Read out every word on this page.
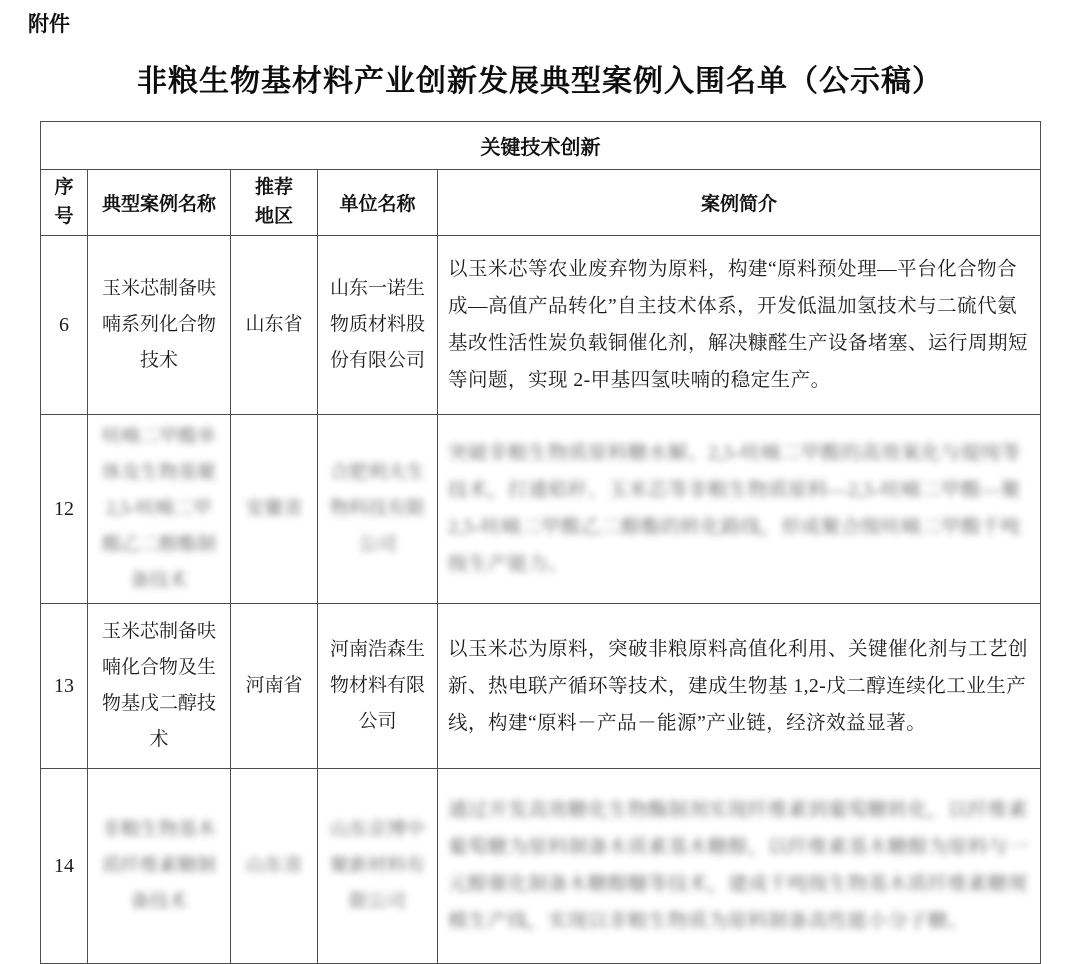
附件
非粮生物基材料产业创新发展典型案例入围名单（公示稿）
关键技术创新				
序号	典型案例名称	推荐地区	单位名称	案例简介
6	玉米芯制备呋喃系列化合物技术	山东省	山东一诺生物质材料股份有限公司	以玉米芯等农业废弃物为原料，构建“原料预处理—平台化合物合成—高值产品转化”自主技术体系，开发低温加氢技术与二硫代氨基改性活性炭负载铜催化剂，解决糠醛生产设备堵塞、运行周期短等问题，实现 2-甲基四氢呋喃的稳定生产。
12	呋喃二甲酸单体及生物基聚2,5-呋喃二甲酸乙二醇酯制备技术	安徽省	合肥利夫生物科技有限公司	突破非粮生物质原料糖水解、2,5-呋喃二甲酸的高效氧化与提纯等技术，打通秸秆、玉米芯等非粮生物质原料—2,5-呋喃二甲酸—聚2,5-呋喃二甲酸乙二醇酯的转化路线，形成聚合级呋喃二甲酸千吨级生产能力。
13	玉米芯制备呋喃化合物及生物基戊二醇技术	河南省	河南浩森生物材料有限公司	以玉米芯为原料，突破非粮原料高值化利用、关键催化剂与工艺创新、热电联产循环等技术，建成生物基 1,2-戊二醇连续化工业生产线，构建“原料－产品－能源”产业链，经济效益显著。
14	非粮生物基木质纤维素糖制备技术	山东省	山东京博中聚新材料有限公司	通过开发高效糖化生物酶制剂实现纤维素到葡萄糖转化，以纤维素葡萄糖为原料制备木质素基木糖醇，以纤维素基木糖醇为原料与一元醇催化制备木糖醇醚等技术，建成千吨级生物基木质纤维素糖规模生产线，实现以非粮生物质为原料制备高性能小分子糖。
